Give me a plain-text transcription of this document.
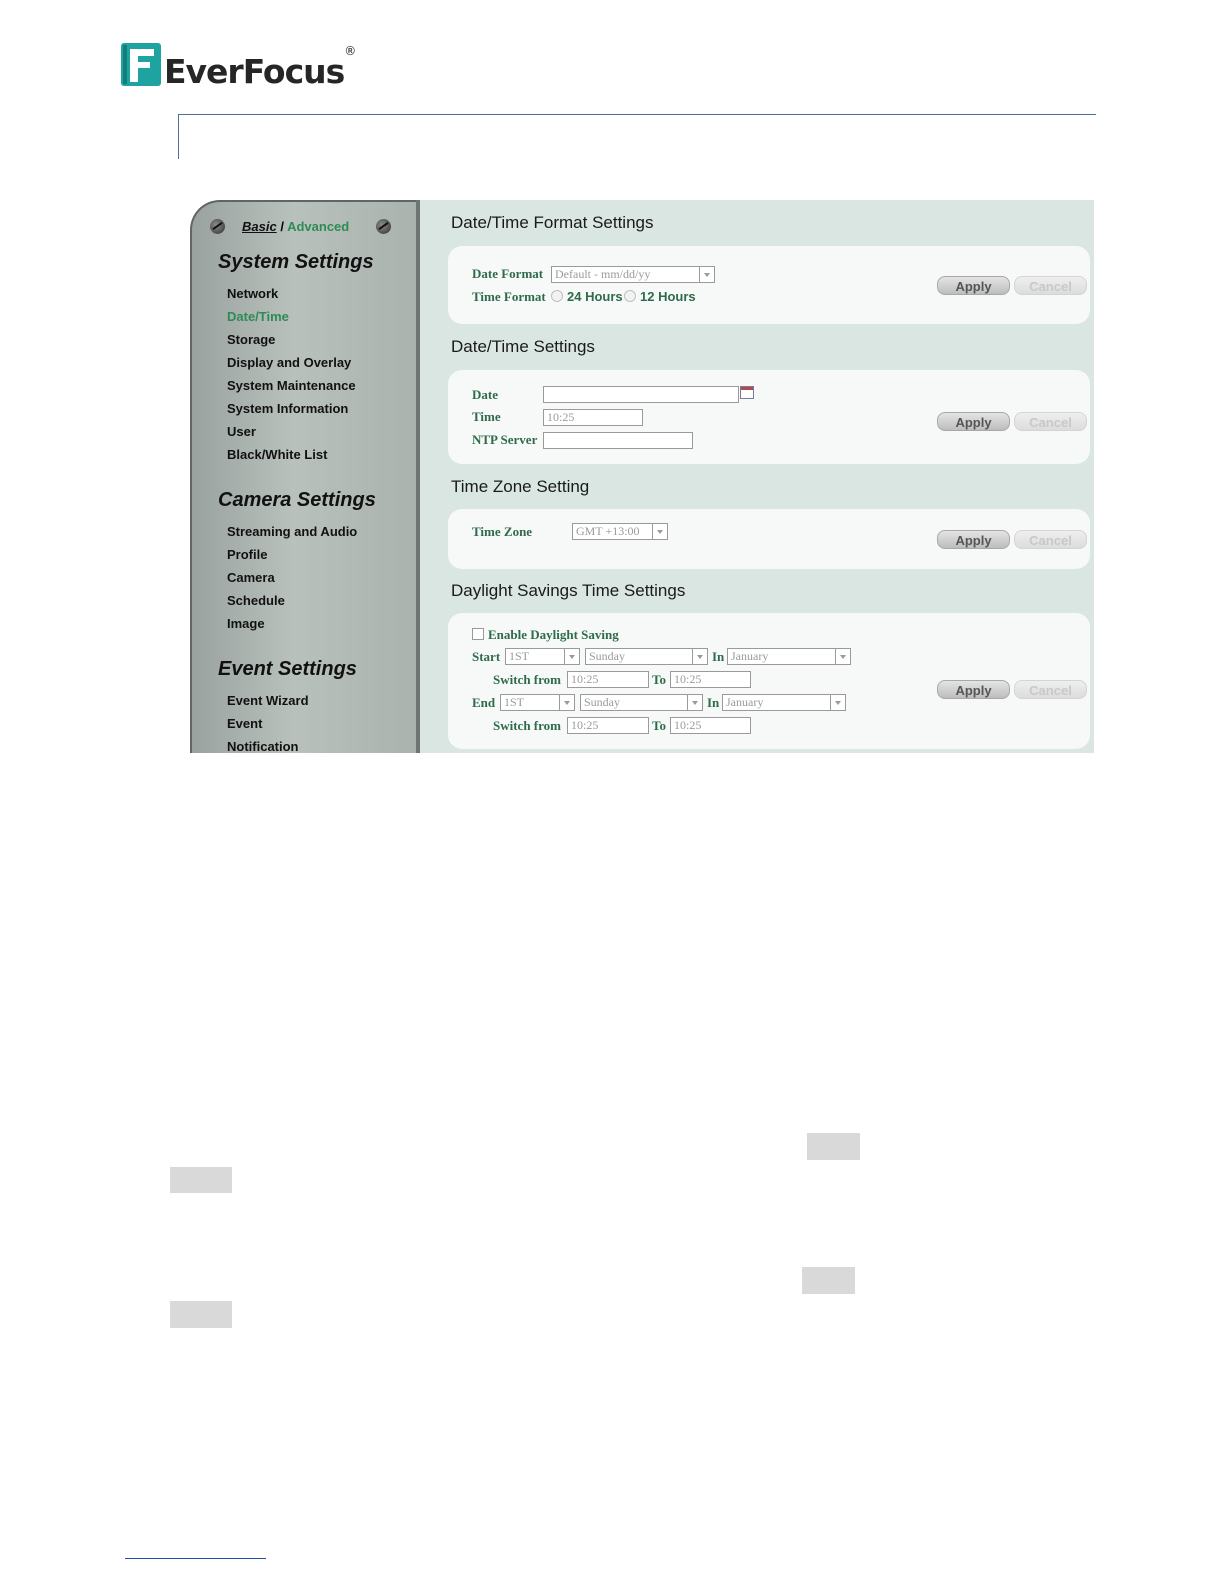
EverFocus®
Basic / Advanced
System Settings
Network
Date/Time
Storage
Display and Overlay
System Maintenance
System Information
User
Black/White List
Camera Settings
Streaming and Audio
Profile
Camera
Schedule
Image
Event Settings
Event Wizard
Event
Notification
Date/Time Format Settings
Date Format Default - mm/dd/yy
Time Format 24 Hours 12 Hours
Apply	Cancel
Date/Time Settings
Date
Time	10:25
NTP Server
Apply	Cancel
Time Zone Setting
Time Zone	GMT +13:00
Apply	Cancel
Daylight Savings Time Settings
Enable Daylight Saving
Start 1ST	Sunday	In January
Switch from 10:25	To 10:25
End 1ST	Sunday	In January
Switch from 10:25	To 10:25
Apply	Cancel
